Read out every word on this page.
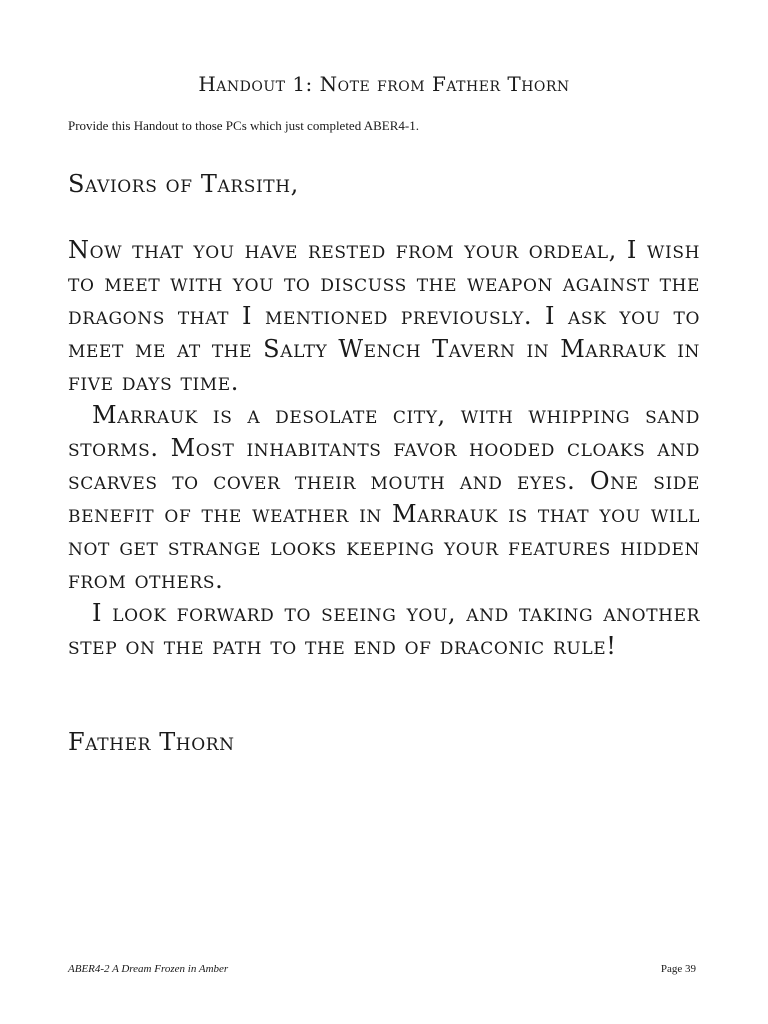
Handout 1: Note from Father Thorn

Provide this Handout to those PCs which just completed ABER4-1.

Saviors of Tarsith,

Now that you have rested from your ordeal, I wish to meet with you to discuss the weapon against the dragons that I mentioned previously. I ask you to meet me at the Salty Wench Tavern in Marrauk in five days time.

Marrauk is a desolate city, with whipping sand storms. Most inhabitants favor hooded cloaks and scarves to cover their mouth and eyes. One side benefit of the weather in Marrauk is that you will not get strange looks keeping your features hidden from others.

I look forward to seeing you, and taking another step on the path to the end of draconic rule!

Father Thorn

ABER4-2 A Dream Frozen in Amber	Page 39
